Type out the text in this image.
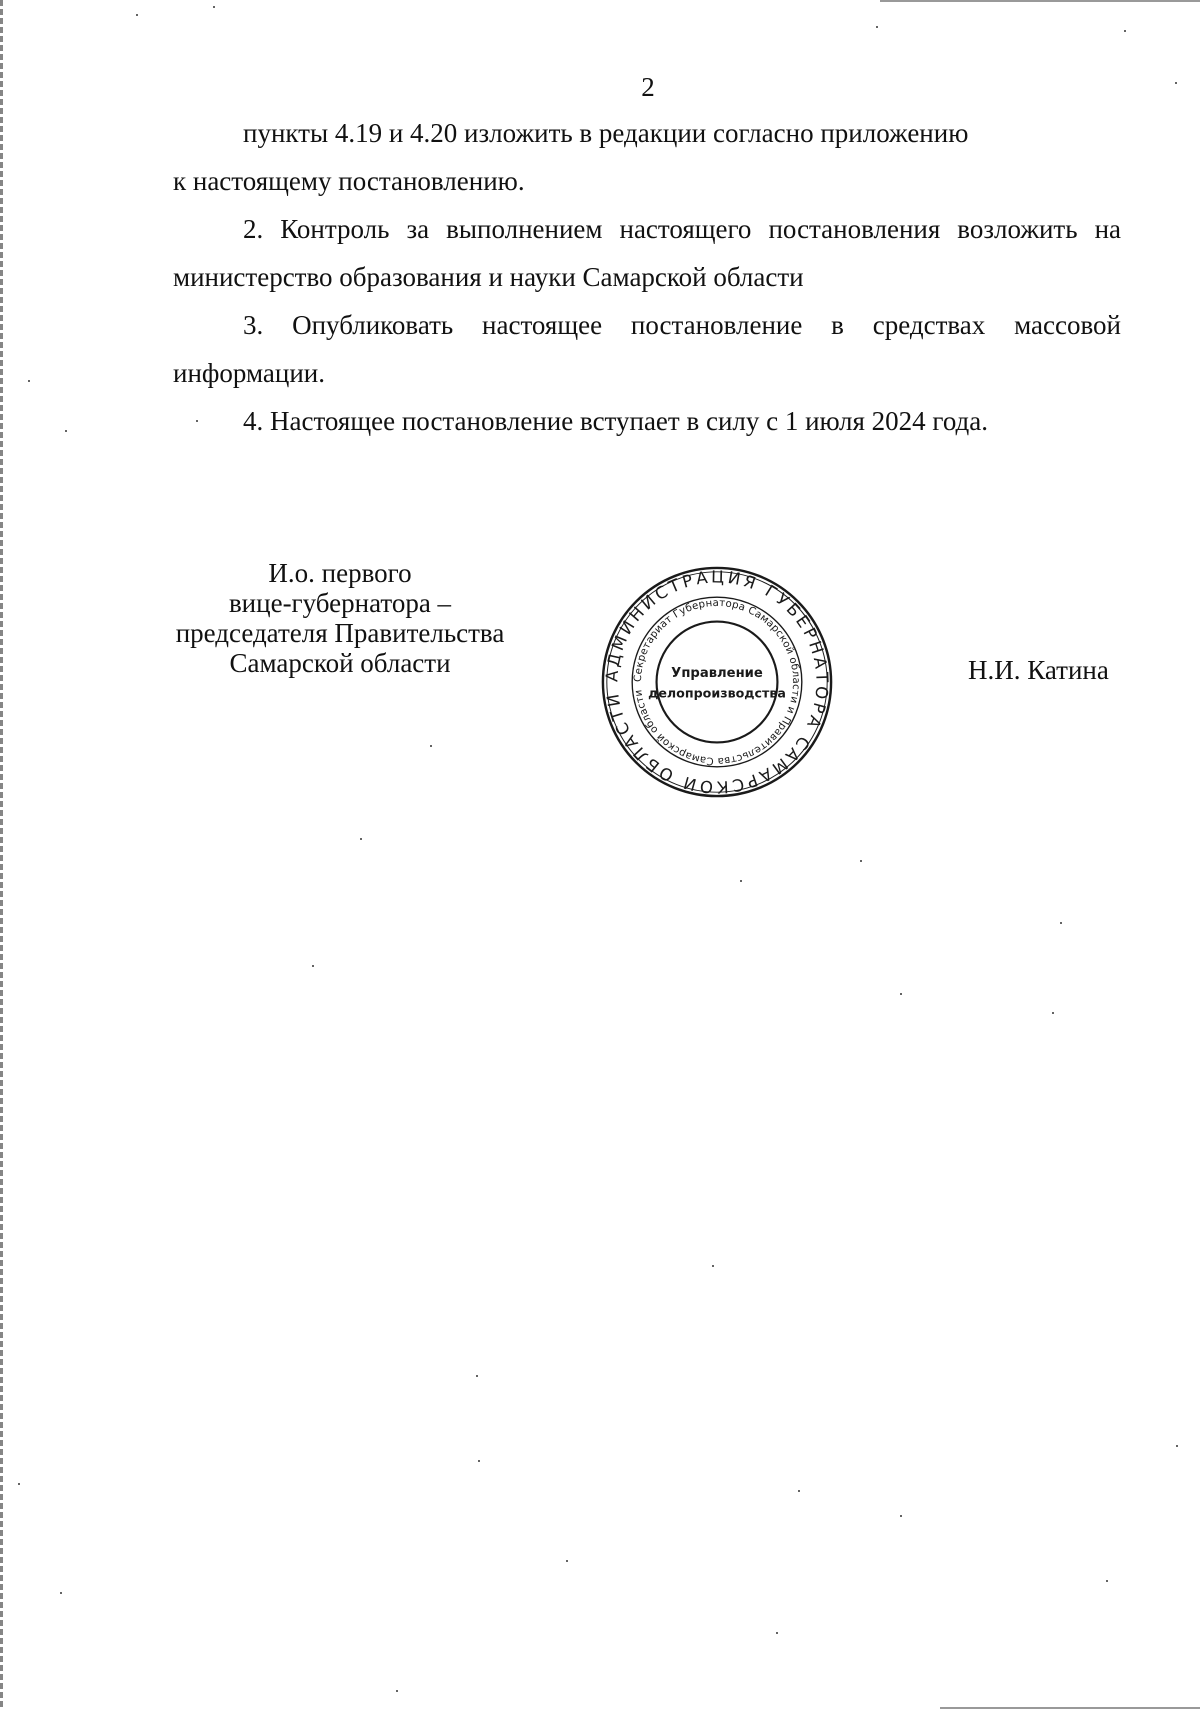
2

пункты 4.19 и 4.20 изложить в редакции согласно приложению

к настоящему постановлению.

2. Контроль за выполнением настоящего постановления возложить на министерство образования и науки Самарской области

3. Опубликовать настоящее постановление в средствах массовой информации.

4. Настоящее постановление вступает в силу с 1 июля 2024 года.

И.о. первого
вице-губернатора –
председателя Правительства
Самарской области	АДМИНИСТРАЦИЯ ГУБЕРНАТОРА САМАРСКОЙ ОБЛАСТИ
Секретариат Губернатора Самарской области и Правительства Самарской области
Управление
делопроизводства
Н.И. Катина
